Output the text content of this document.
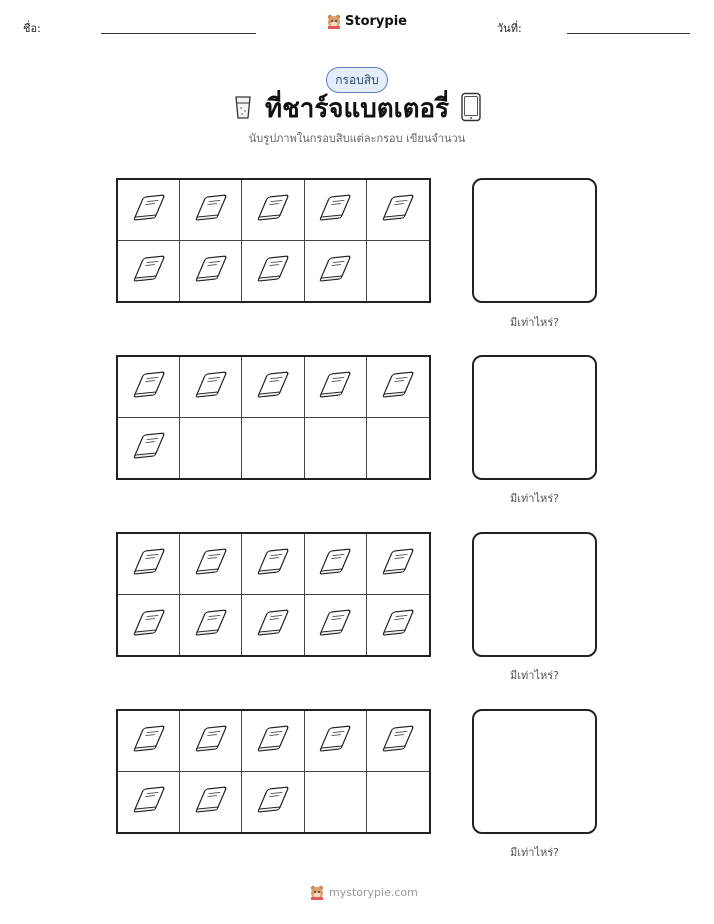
ชื่อ:	Storypie	วันที่:
กรอบสิบ
ที่ชาร์จแบตเตอรี่
นับรูปภาพในกรอบสิบแต่ละกรอบ เขียนจำนวน
มีเท่าไหร่?
มีเท่าไหร่?
มีเท่าไหร่?
มีเท่าไหร่?
mystorypie.com
